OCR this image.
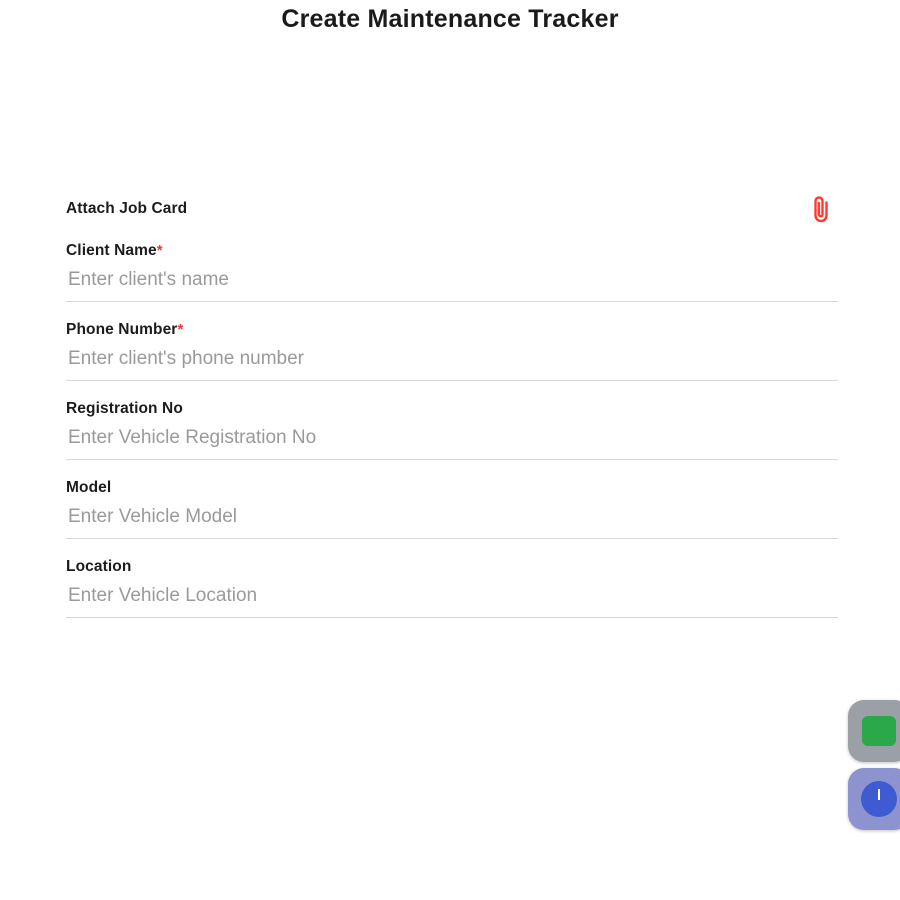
Create Maintenance Tracker
Attach Job Card
Client Name*
Enter client's name
Phone Number*
Enter client's phone number
Registration No
Enter Vehicle Registration No
Model
Enter Vehicle Model
Location
Enter Vehicle Location
